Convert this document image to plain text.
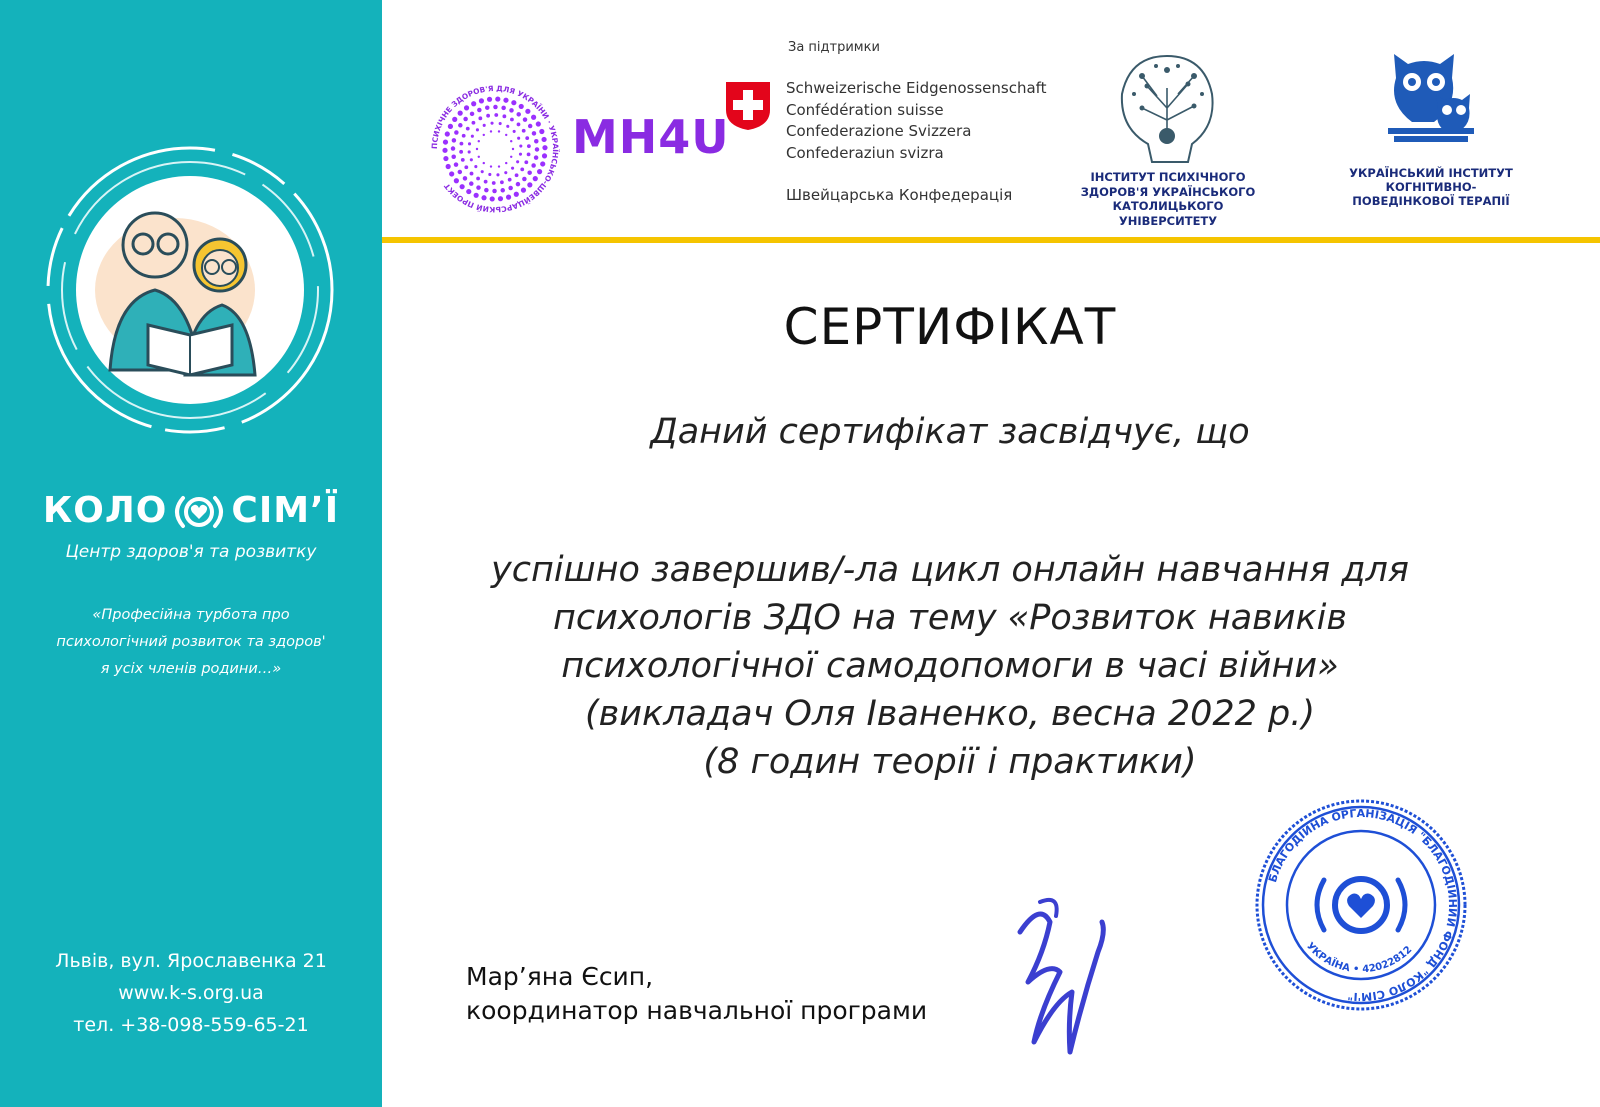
КОЛО СІМ’Ї
Центр здоров'я та розвитку
«Професійна турбота про
психологічний розвиток та здоров'
я усіх членів родини…»
Львів, вул. Ярославенка 21
www.k-s.org.ua
тел. +38-098-559-65-21
За підтримки
ПСИХІЧНЕ ЗДОРОВ'Я ДЛЯ УКРАЇНИ · УКРАЇНСЬКО-ШВЕЙЦАРСЬКИЙ ПРОЕКТ
MH4U
Schweizerische Eidgenossenschaft
Confédération suisse
Confederazione Svizzera
Confederaziun svizra
Швейцарська Конфедерація
ІНСТИТУТ ПСИХІЧНОГО
ЗДОРОВ'Я УКРАЇНСЬКОГО
КАТОЛИЦЬКОГО
УНІВЕРСИТЕТУ
УКРАЇНСЬКИЙ ІНСТИТУТ
КОГНІТИВНО-
ПОВЕДІНКОВОЇ ТЕРАПІЇ
СЕРТИФІКАТ
Даний сертифікат засвідчує, що
успішно завершив/-ла цикл онлайн навчання для
психологів ЗДО на тему «Розвиток навиків
психологічної самодопомоги в часі війни»
(викладач Оля Іваненко, весна 2022 р.)
(8 годин теорії і практики)
Мар’яна Єсип,
координатор навчальної програми
БЛАГОДІЙНА ОРГАНІЗАЦІЯ "БЛАГОДІЙНИЙ ФОНД "КОЛО СІМ'Ї"
УКРАЇНА • 42022812
